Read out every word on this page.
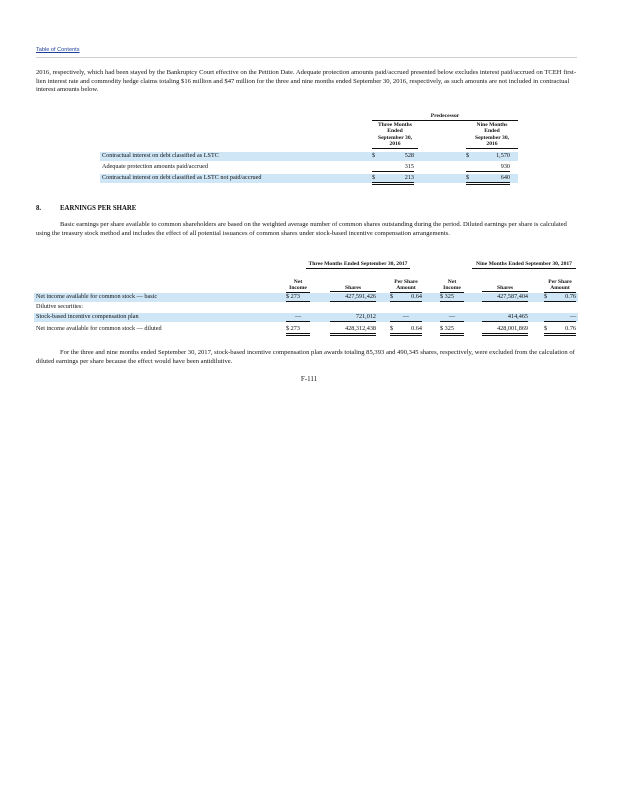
Table of Contents
2016, respectively, which had been stayed by the Bankruptcy Court effective on the Petition Date. Adequate protection amounts paid/accrued presented below excludes interest paid/accrued on TCEH first-lien interest rate and commodity hedge claims totaling $16 million and $47 million for the three and nine months ended September 30, 2016, respectively, as such amounts are not included in contractual interest amounts below.
Predecessor
Three Months
Ended
September 30,
2016
Nine Months
Ended
September 30,
2016
Contractual interest on debt classified as LSTC	$	528	$	1,570
Adequate protection amounts paid/accrued	315	930
Contractual interest on debt classified as LSTC not paid/accrued	$	213	$	640
8.	EARNINGS PER SHARE
Basic earnings per share available to common shareholders are based on the weighted average number of common shares outstanding during the period. Diluted earnings per share is calculated using the treasury stock method and includes the effect of all potential issuances of common shares under stock-based incentive compensation arrangements.
Three Months Ended September 30, 2017	Nine Months Ended September 30, 2017
Net
Income	Shares
Per Share
Amount
Net
Income	Shares
Per Share
Amount
Net income available for common stock — basic	$ 273	427,591,426 $	0.64	$ 325	427,587,404	$	0.76
Dilutive securities:
Stock-based incentive compensation plan	—	721,012	—	—	414,465	—
Net income available for common stock — diluted	$ 273	428,312,438 $	0.64	$ 325	428,001,869	$	0.76
For the three and nine months ended September 30, 2017, stock-based incentive compensation plan awards totaling 85,393 and 490,345 shares, respectively, were excluded from the calculation of diluted earnings per share because the effect would have been antidilutive.
F-111
